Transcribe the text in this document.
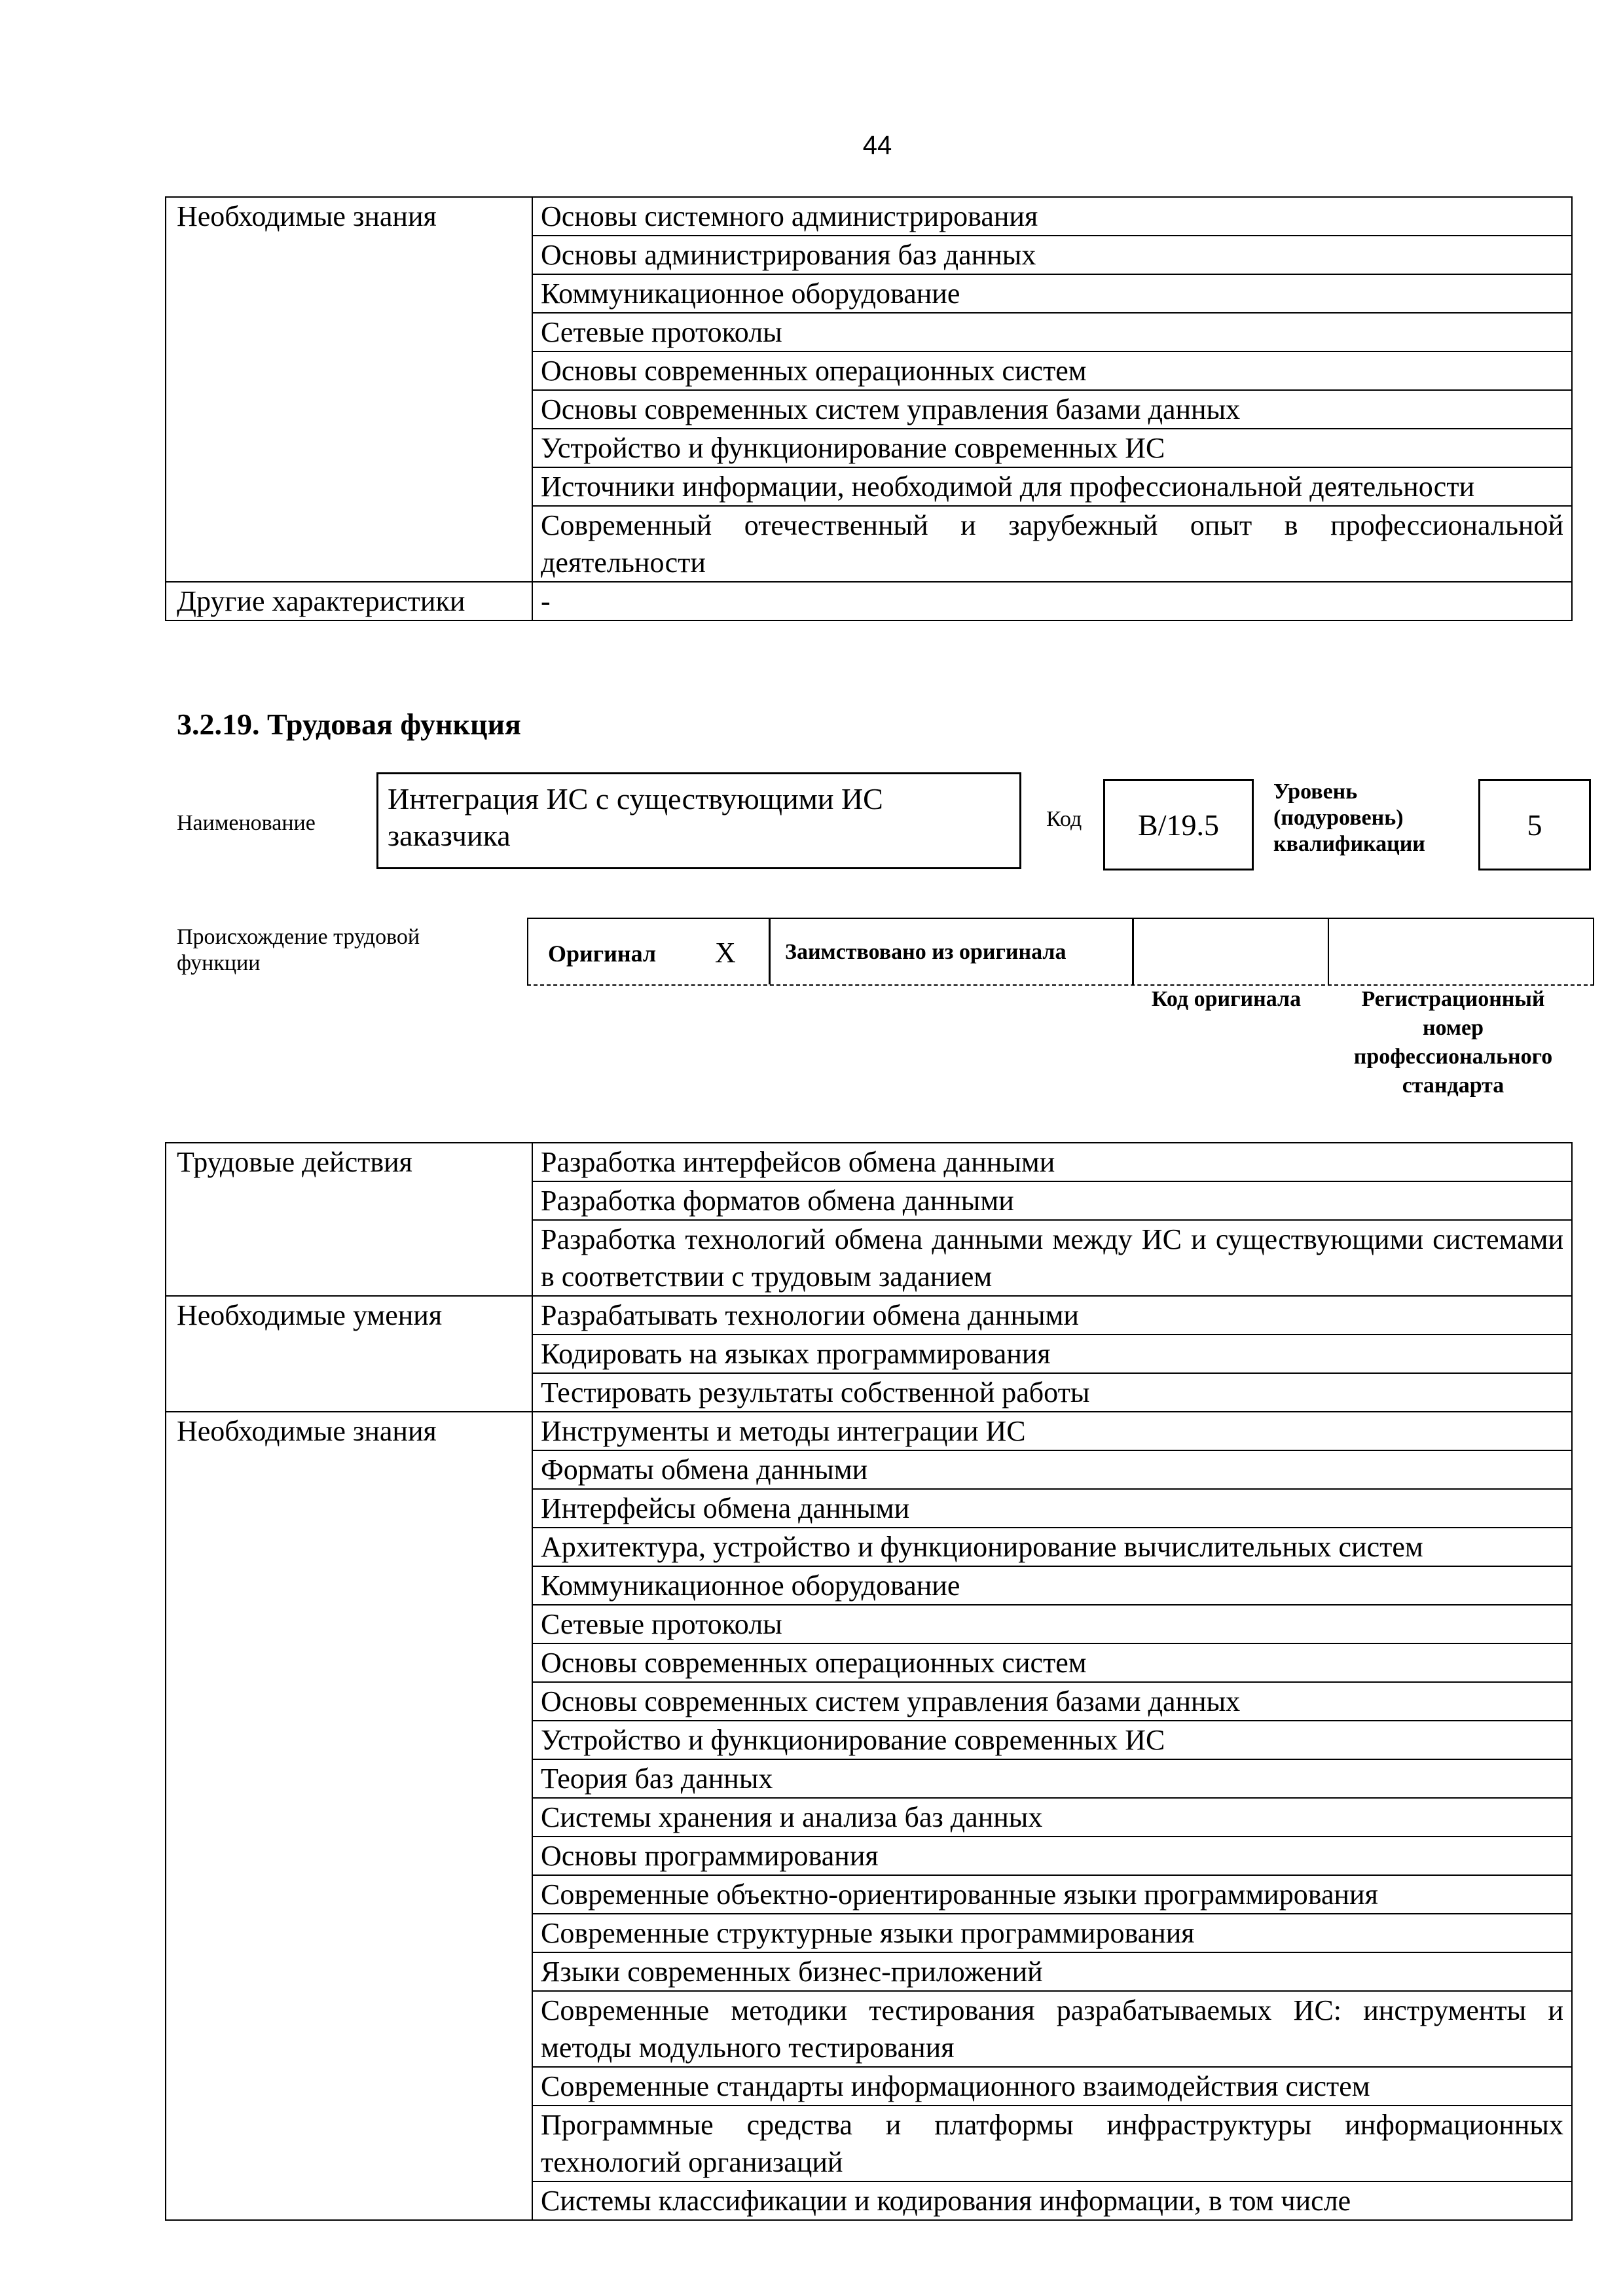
44
Необходимые знания	Основы системного администрирования
	Основы администрирования баз данных
	Коммуникационное оборудование
	Сетевые протоколы
	Основы современных операционных систем
	Основы современных систем управления базами данных
	Устройство и функционирование современных ИС
	Источники информации, необходимой для профессиональной деятельности
	Современный отечественный и зарубежный опыт в профессиональной деятельности
Другие характеристики	-
3.2.19. Трудовая функция
Наименование
Интеграция ИС с существующими ИС заказчика	Код B/19.5
Уровень (подуровень) квалификации
5
Происхождение трудовой функции	Оригинал X Заимствовано из оригинала
Код оригинала	Регистрационный номер профессионального стандарта
Трудовые действия	Разработка интерфейсов обмена данными
	Разработка форматов обмена данными
	Разработка технологий обмена данными между ИС и существующими системами в соответствии с трудовым заданием
Необходимые умения	Разрабатывать технологии обмена данными
	Кодировать на языках программирования
	Тестировать результаты собственной работы
Необходимые знания	Инструменты и методы интеграции ИС
	Форматы обмена данными
	Интерфейсы обмена данными
	Архитектура, устройство и функционирование вычислительных систем
	Коммуникационное оборудование
	Сетевые протоколы
	Основы современных операционных систем
	Основы современных систем управления базами данных
	Устройство и функционирование современных ИС
	Теория баз данных
	Системы хранения и анализа баз данных
	Основы программирования
	Современные объектно-ориентированные языки программирования
	Современные структурные языки программирования
	Языки современных бизнес-приложений
	Современные методики тестирования разрабатываемых ИС: инструменты и методы модульного тестирования
	Современные стандарты информационного взаимодействия систем
	Программные средства и платформы инфраструктуры информационных технологий организаций
	Системы классификации и кодирования информации, в том числе
